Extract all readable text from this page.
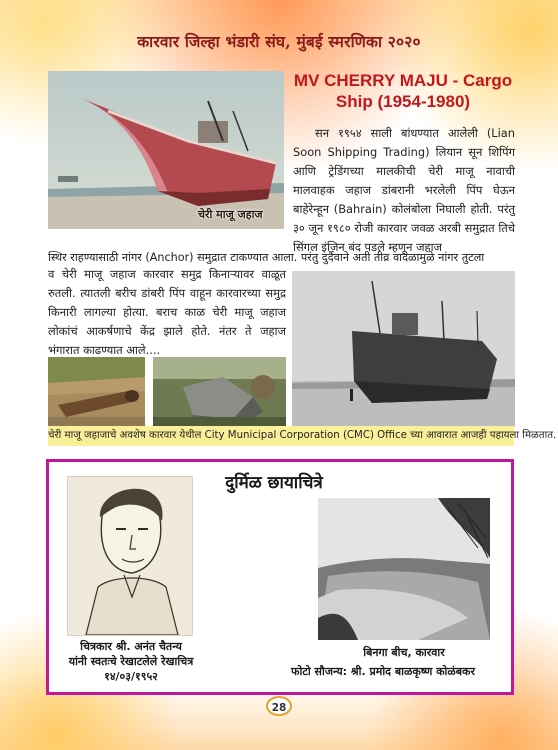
कारवार जिल्हा भंडारी संघ, मुंबई स्मरणिका २०२०
चेरी माजू जहाज
MV CHERRY MAJU - Cargo Ship (1954-1980)
सन १९५४ साली बांधण्यात आलेली (Lian Soon Shipping Trading) लियान सून शिपिंग आणि ट्रेडिंगच्या मालकीची चेरी माजू नावाची मालवाहक जहाज डांबरानी भरलेली पिंप घेऊन बाहेरेन्हून (Bahrain) कोलंबोला निघाली होती. परंतु ३० जून १९८० रोजी कारवार जवळ अरबी समुद्रात तिचे सिंगल इंजिन बंद पडले म्हणून जहाज
स्थिर राहण्यासाठी नांगर (Anchor) समुद्रात टाकण्यात आला. परंतु दुर्दैवाने अती तीव्र वादळामुळे नांगर तुटला
व चेरी माजू जहाज कारवार समुद्र किनाऱ्यावर वाळूत रुतली. त्यातली बरीच डांबरी पिंप वाहून कारवारच्या समुद्र किनारी लागल्या होत्या. बराच काळ चेरी माजू जहाज लोकांचं आकर्षणाचे केंद्र झाले होते. नंतर ते जहाज भंगारात काढण्यात आले....
चेरी माजू जहाजाचे अवशेष कारवार येथील City Municipal Corporation (CMC) Office च्या आवारात आजही पहायला मिळतात.
दुर्मिळ छायाचित्रे
चित्रकार श्री. अनंत चैतन्य
यांनी स्वतःचे रेखाटलेले रेखाचित्र
१४/०३/१९५२
बिनगा बीच, कारवार
फोटो सौजन्य: श्री. प्रमोद बाळकृष्ण कोळंबकर
28
